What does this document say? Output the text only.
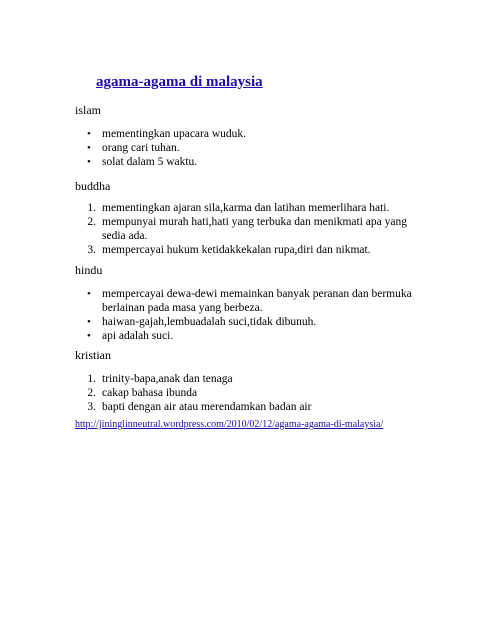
agama-agama di malaysia
islam
• mementingkan upacara wuduk.
• orang cari tuhan.
• solat dalam 5 waktu.
buddha
1. mementingkan ajaran sila,karma dan latihan memerlihara hati.
2. mempunyai murah hati,hati yang terbuka dan menikmati apa yang sedia ada.
3. mempercayai hukum ketidakkekalan rupa,diri dan nikmat.
hindu
• mempercayai dewa-dewi memainkan banyak peranan dan bermuka berlainan pada masa yang berbeza.
• haiwan-gajah,lembuadalah suci,tidak dibunuh.
• api adalah suci.
kristian
1. trinity-bapa,anak dan tenaga
2. cakap bahasa ibunda
3. bapti dengan air atau merendamkan badan air
http://jininglinneutral.wordpress.com/2010/02/12/agama-agama-di-malaysia/
